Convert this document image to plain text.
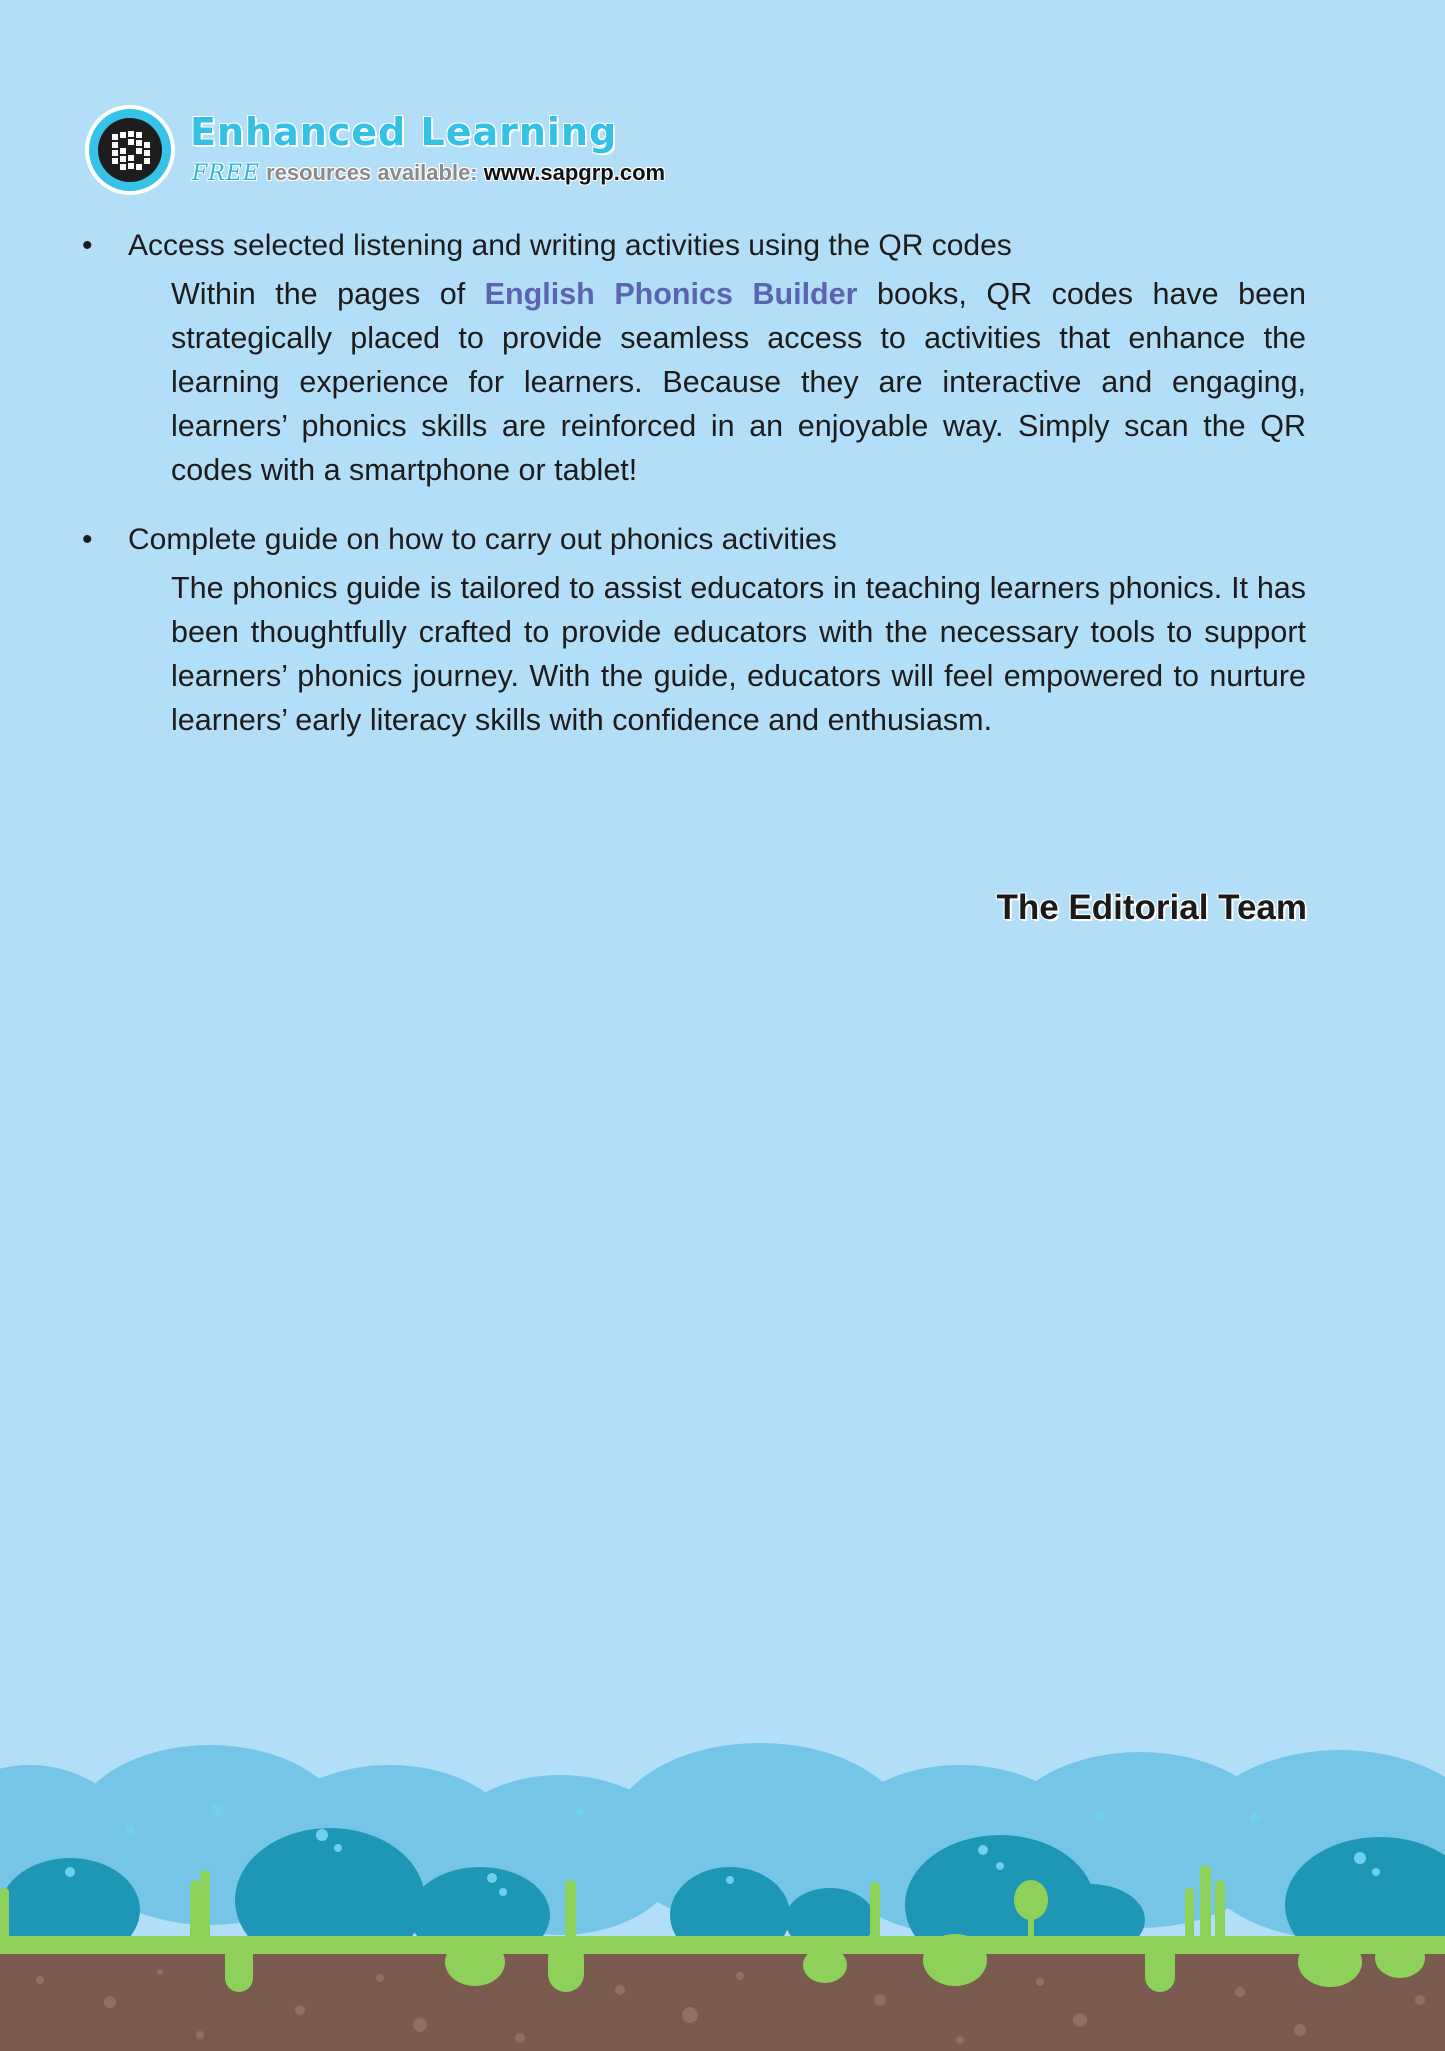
Enhanced Learning
FREE resources available: www.sapgrp.com
•	Access selected listening and writing activities using the QR codes
Within the pages of English Phonics Builder books, QR codes have been strategically placed to provide seamless access to activities that enhance the learning experience for learners. Because they are interactive and engaging, learners’ phonics skills are reinforced in an enjoyable way. Simply scan the QR codes with a smartphone or tablet!
•	Complete guide on how to carry out phonics activities
The phonics guide is tailored to assist educators in teaching learners phonics. It has been thoughtfully crafted to provide educators with the necessary tools to support learners’ phonics journey. With the guide, educators will feel empowered to nurture learners’ early literacy skills with confidence and enthusiasm.
The Editorial Team
